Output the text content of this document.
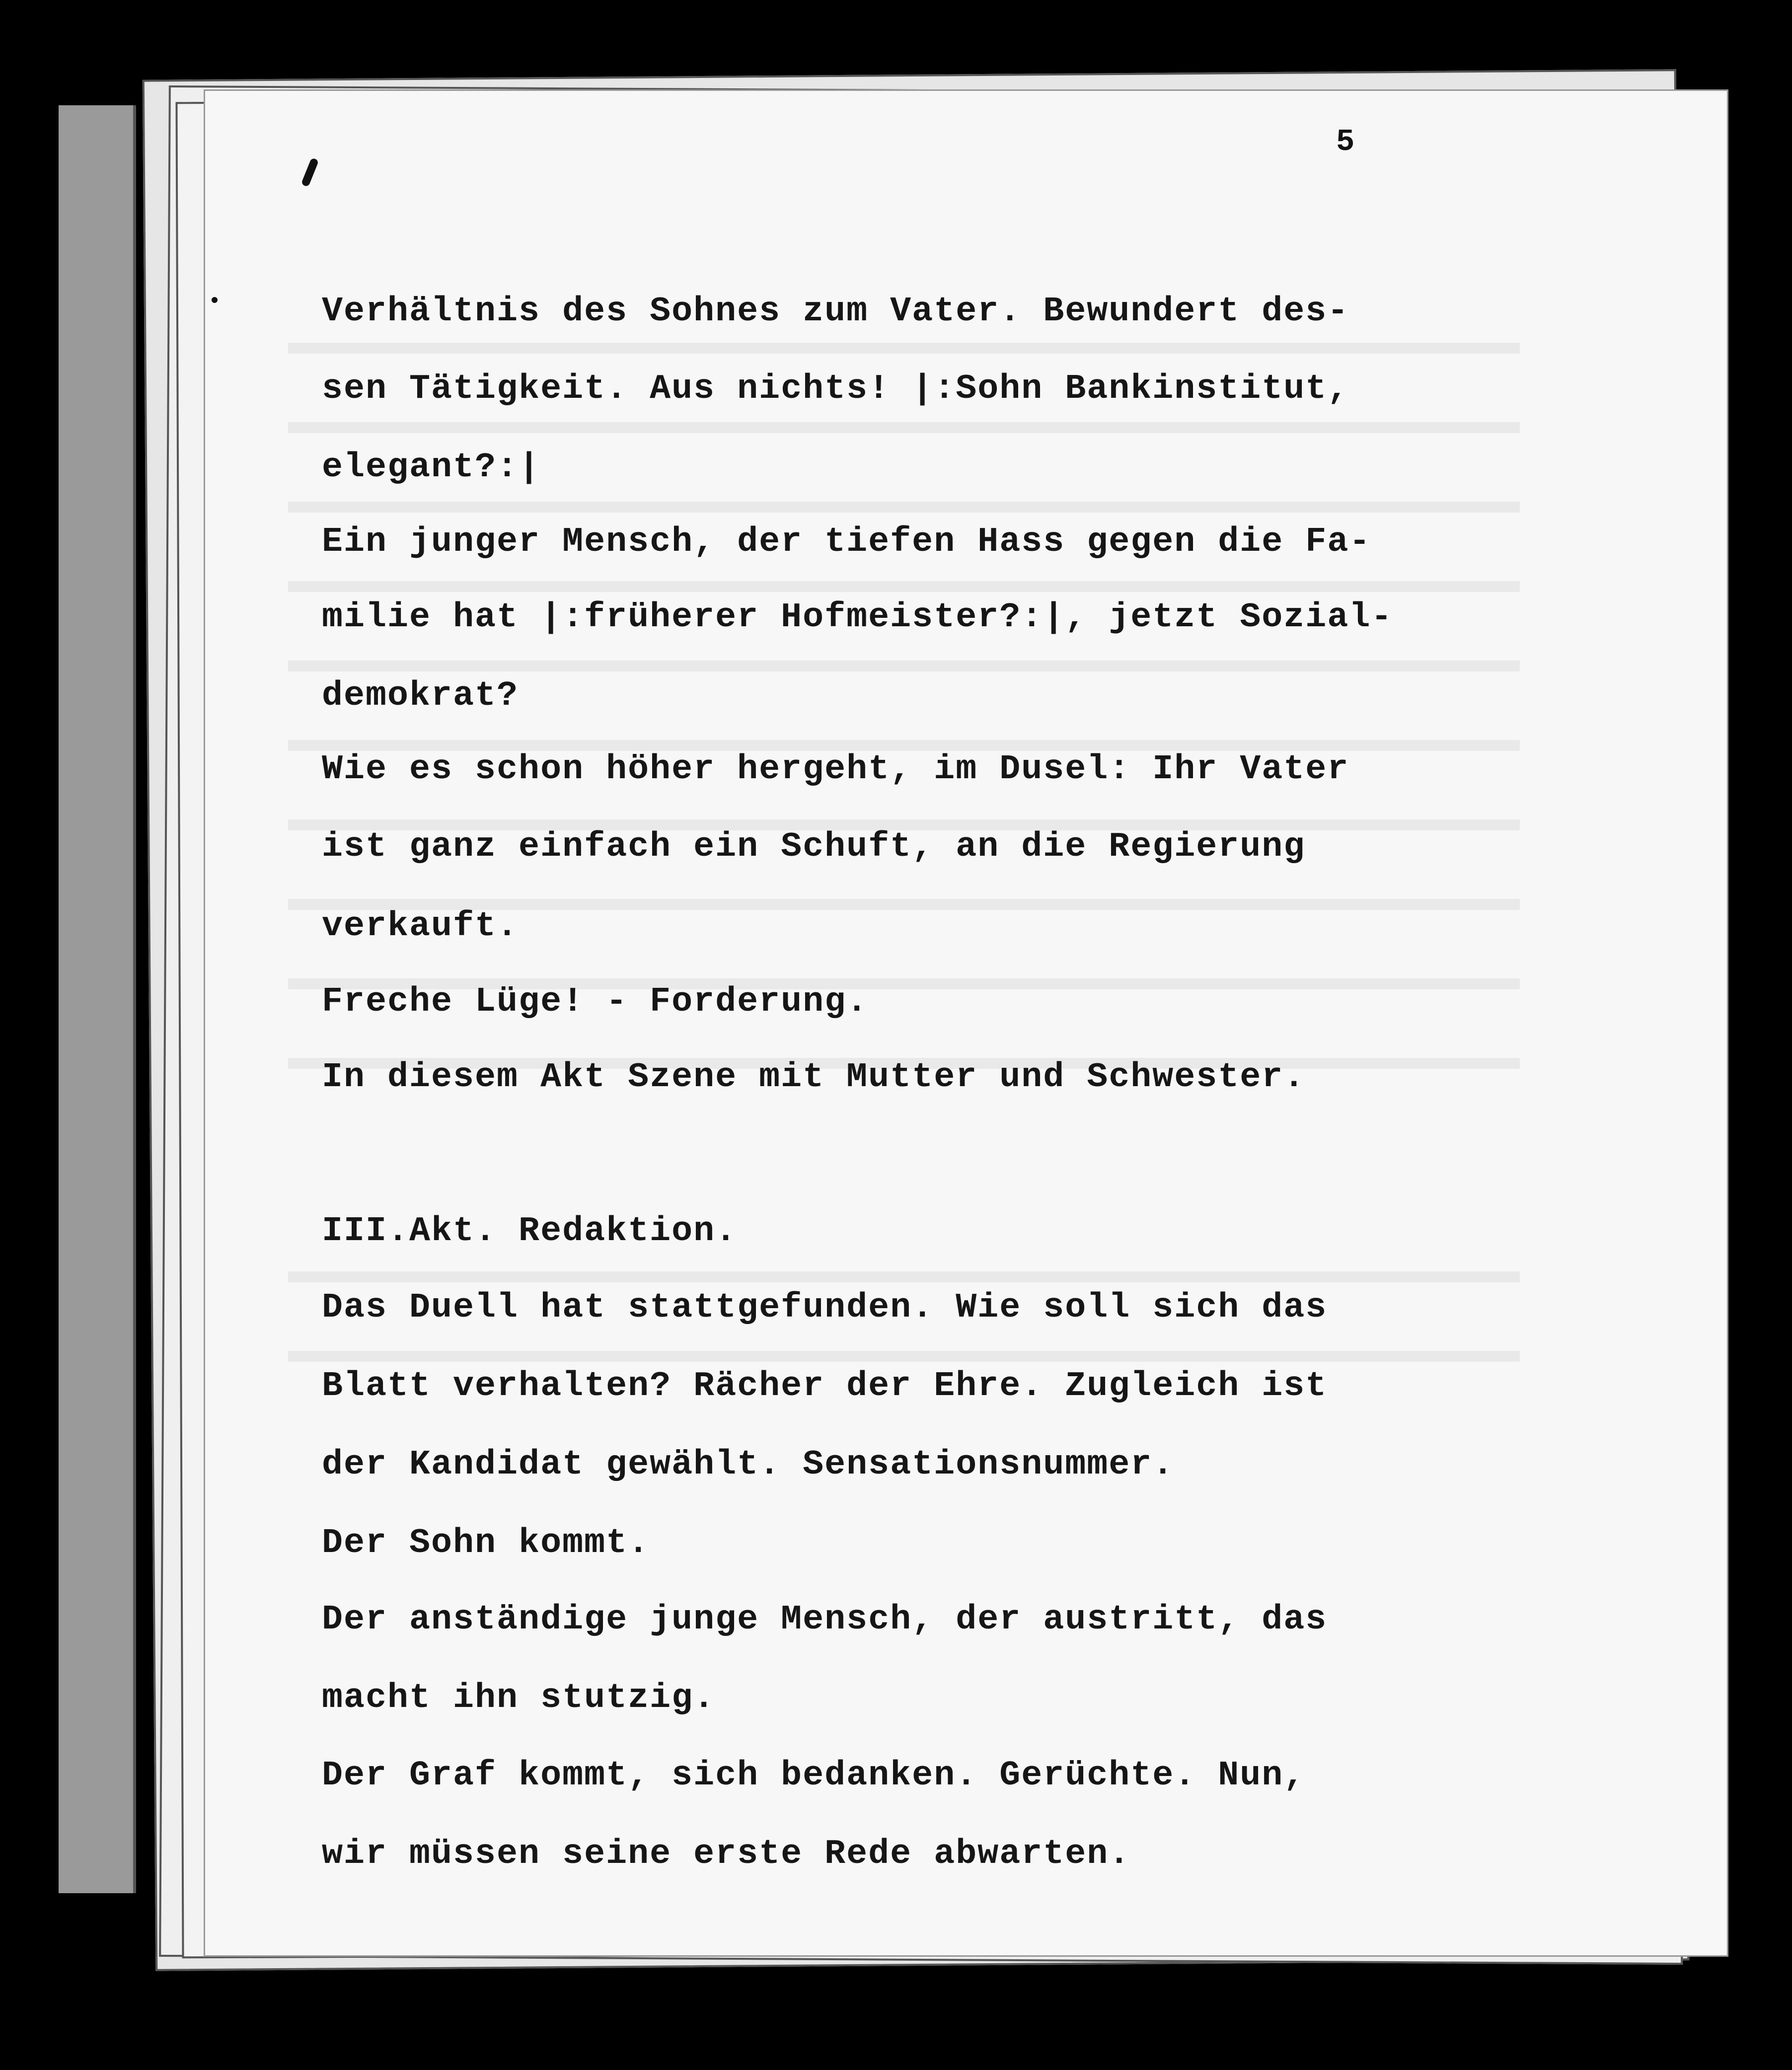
5

Verhältnis des Sohnes zum Vater. Bewundert des-

sen Tätigkeit. Aus nichts! |:Sohn Bankinstitut,

elegant?:|

Ein junger Mensch, der tiefen Hass gegen die Fa-

milie hat |:früherer Hofmeister?:|, jetzt Sozial-

demokrat?

Wie es schon höher hergeht, im Dusel: Ihr Vater

ist ganz einfach ein Schuft, an die Regierung

verkauft.

Freche Lüge! - Forderung.

In diesem Akt Szene mit Mutter und Schwester.

III.Akt. Redaktion.

Das Duell hat stattgefunden. Wie soll sich das

Blatt verhalten? Rächer der Ehre. Zugleich ist

der Kandidat gewählt. Sensationsnummer.

Der Sohn kommt.

Der anständige junge Mensch, der austritt, das

macht ihn stutzig.

Der Graf kommt, sich bedanken. Gerüchte. Nun,

wir müssen seine erste Rede abwarten.
